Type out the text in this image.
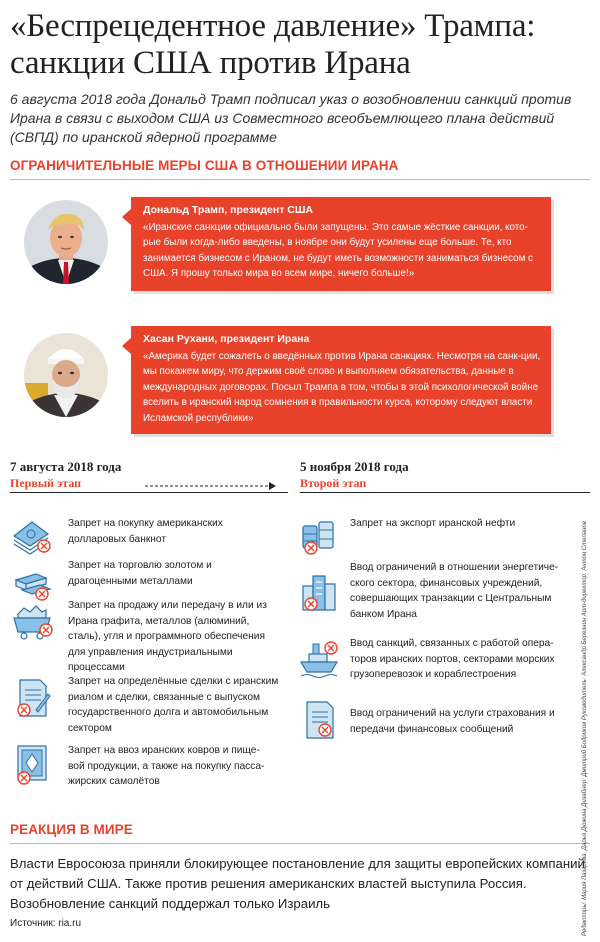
«Беспрецедентное давление» Трампа: санкции США против Ирана
6 августа 2018 года Дональд Трамп подписал указ о возобновлении санкций против Ирана в связи с выходом США из Совместного всеобъемлющего плана действий (СВПД) по иранской ядерной программе
ОГРАНИЧИТЕЛЬНЫЕ МЕРЫ США В ОТНОШЕНИИ ИРАНА
Дональд Трамп, президент США
«Иранские санкции официально были запущены. Это самые жёсткие санкции, кото-рые были когда-либо введены, в ноябре они будут усилены еще больше. Те, кто занимается бизнесом с Ираном, не будут иметь возможности заниматься бизнесом с США. Я прошу только мира во всем мире, ничего больше!»
Хасан Рухани, президент Ирана
«Америка будет сожалеть о введённых против Ирана санкциях. Несмотря на санк-ции, мы покажем миру, что держим своё слово и выполняем обязательства, данные в международных договорах. Посыл Трампа в том, чтобы в этой психологической войне вселить в иранский народ сомнения в правильности курса, которому следуют власти Исламской республики»
7 августа 2018 года
Первый этап
5 ноября 2018 года
Второй этап
Запрет на покупку американских долларовых банкнот
Запрет на торговлю золотом и драгоценными металлами
Запрет на продажу или передачу в или из Ирана графита, металлов (алюминий, сталь), угля и программного обеспечения для управления индустриальными процессами
Запрет на определённые сделки с иранским риалом и сделки, связанные с выпуском государственного долга и автомобильным сектором
Запрет на ввоз иранских ковров и пище-вой продукции, а также на покупку пасса-жирских самолётов
Запрет на экспорт иранской нефти
Ввод ограничений в отношении энергетиче-ского сектора, финансовых учреждений, совершающих транзакции с Центральным банком Ирана
Ввод санкций, связанных с работой опера-торов иранских портов, секторами морских грузоперевозок и кораблестроения
Ввод ограничений на услуги страхования и передачи финансовых сообщений
РЕАКЦИЯ В МИРЕ
Власти Евросоюза приняли блокирующее постановление для защиты европейских компаний от действий США. Также против решения американских властей выступила Россия. Возобновление санкций поддержал только Израиль
Источник: ria.ru	Редакторы: Мария Лазарева, Дарья Дюжина Дизайнер: Дмитрий Бодриков Руководитель: Александр Березнин Арт-директор: Антон Степанов
